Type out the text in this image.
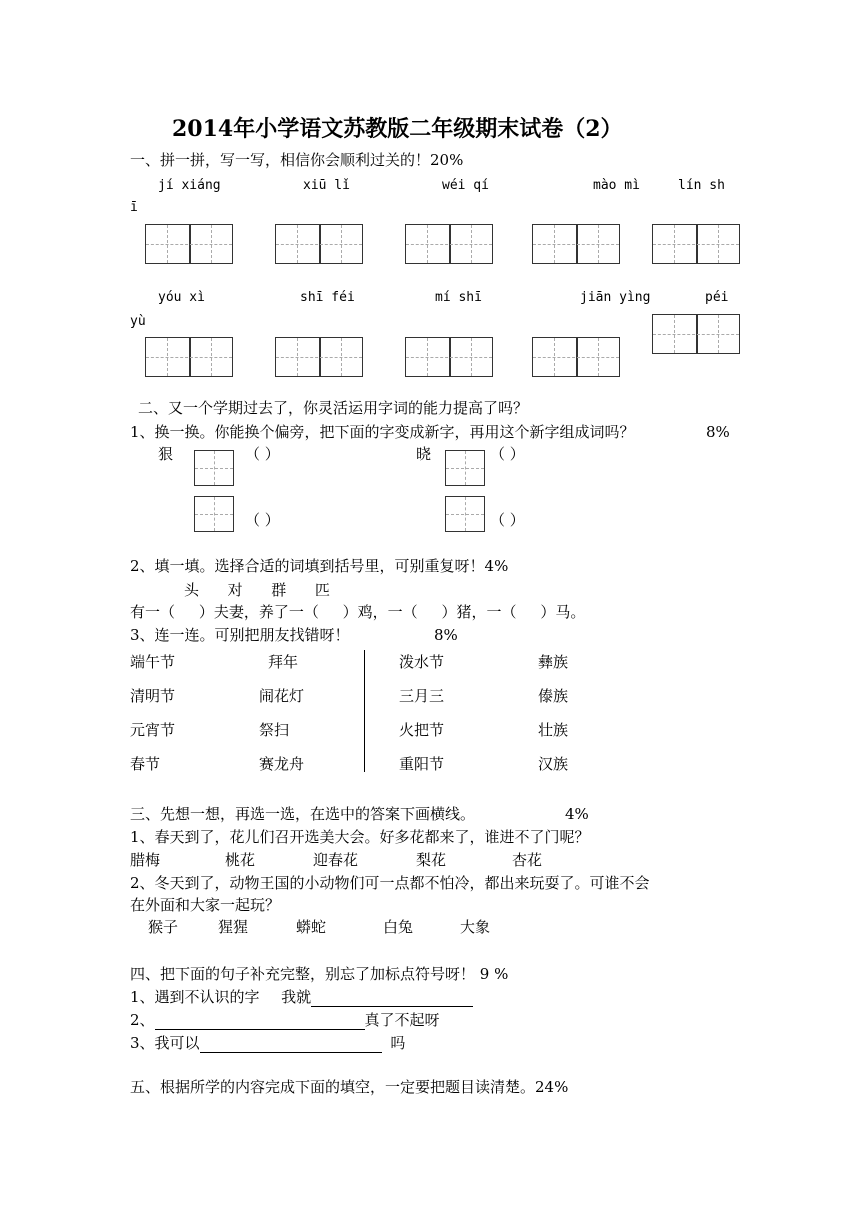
2014年小学语文苏教版二年级期末试卷（2）
一、拼一拼，写一写，相信你会顺利过关的！20%
jí xiáng	xiū lǐ	wéi qí	mào mì	lín sh
ī
yóu xì	shī féi	mí shī	jiān yìng	péi
yù
二、又一个学期过去了，你灵活运用字词的能力提高了吗？
1、换一换。你能换个偏旁，把下面的字变成新字，再用这个新字组成词吗？	8%
狠	（ ）	晓	（ ）
（ ）	（ ）
2、填一填。选择合适的词填到括号里，可别重复呀！4%
头      对      群      匹
有一（     ）夫妻，养了一（     ）鸡，一（     ）猪，一（     ）马。
3、连一连。可别把朋友找错呀！	8%
端午节	拜年
清明节	闹花灯
元宵节	祭扫
春节	赛龙舟
泼水节	彝族
三月三	傣族
火把节	壮族
重阳节	汉族
三、先想一想，再选一选，在选中的答案下画横线。	4%
1、春天到了，花儿们召开选美大会。好多花都来了，谁进不了门呢？
腊梅	桃花	迎春花	梨花	杏花
2、冬天到了，动物王国的小动物们可一点都不怕冷，都出来玩耍了。可谁不会
在外面和大家一起玩？
猴子	猩猩	蟒蛇	白兔	大象
四、把下面的句子补充完整，别忘了加标点符号呀！ 9 %
1、遇到不认识的字 我就
2、	真了不起呀
3、我可以	吗
五、根据所学的内容完成下面的填空，一定要把题目读清楚。24%
